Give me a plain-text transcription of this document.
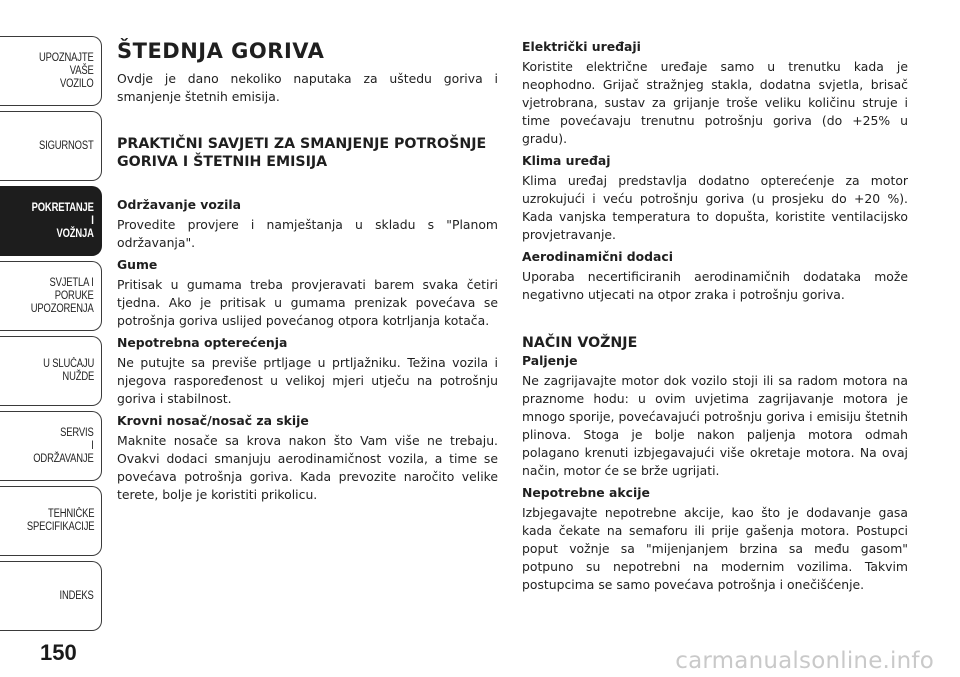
UPOZNAJTE
VAŠE
VOZILO
SIGURNOST
POKRETANJE
I
VOŽNJA
SVJETLA I
PORUKE
UPOZORENJA
U SLUČAJU
NUŽDE
SERVIS
I
ODRŽAVANJE
TEHNIČKE
SPECIFIKACIJE
INDEKS
150
ŠTEDNJA GORIVA

Ovdje je dano nekoliko naputaka za uštedu goriva i smanjenje štetnih emisija.

PRAKTIČNI SAVJETI ZA SMANJENJE POTROŠNJE GORIVA I ŠTETNIH EMISIJA

Održavanje vozila

Provedite provjere i namještanja u skladu s "Planom održavanja".

Gume

Pritisak u gumama treba provjeravati barem svaka četiri tjedna. Ako je pritisak u gumama prenizak povećava se potrošnja goriva uslijed povećanog otpora kotrljanja kotača.

Nepotrebna opterećenja

Ne putujte sa previše prtljage u prtljažniku. Težina vozila i njegova raspoređenost u velikoj mjeri utječu na potrošnju goriva i stabilnost.

Krovni nosač/nosač za skije

Maknite nosače sa krova nakon što Vam više ne trebaju. Ovakvi dodaci smanjuju aerodinamičnost vozila, a time se povećava potrošnja goriva. Kada prevozite naročito velike terete, bolje je koristiti prikolicu.

Električki uređaji

Koristite električne uređaje samo u trenutku kada je neophodno. Grijač stražnjeg stakla, dodatna svjetla, brisač vjetrobrana, sustav za grijanje troše veliku količinu struje i time povećavaju trenutnu potrošnju goriva (do +25% u gradu).

Klima uređaj

Klima uređaj predstavlja dodatno opterećenje za motor uzrokujući i veću potrošnju goriva (u prosjeku do +20 %). Kada vanjska temperatura to dopušta, koristite ventilacijsko provjetravanje.

Aerodinamični dodaci

Uporaba necertificiranih aerodinamičnih dodataka može negativno utjecati na otpor zraka i potrošnju goriva.

NAČIN VOŽNJE

Paljenje

Ne zagrijavajte motor dok vozilo stoji ili sa radom motora na praznome hodu: u ovim uvjetima zagrijavanje motora je mnogo sporije, povećavajući potrošnju goriva i emisiju štetnih plinova. Stoga je bolje nakon paljenja motora odmah polagano krenuti izbjegavajući više okretaje motora. Na ovaj način, motor će se brže ugrijati.

Nepotrebne akcije

Izbjegavajte nepotrebne akcije, kao što je dodavanje gasa kada čekate na semaforu ili prije gašenja motora. Postupci poput vožnje sa "mijenjanjem brzina sa među gasom" potpuno su nepotrebni na modernim vozilima. Takvim postupcima se samo povećava potrošnja i onečišćenje.

carmanualsonline.info
